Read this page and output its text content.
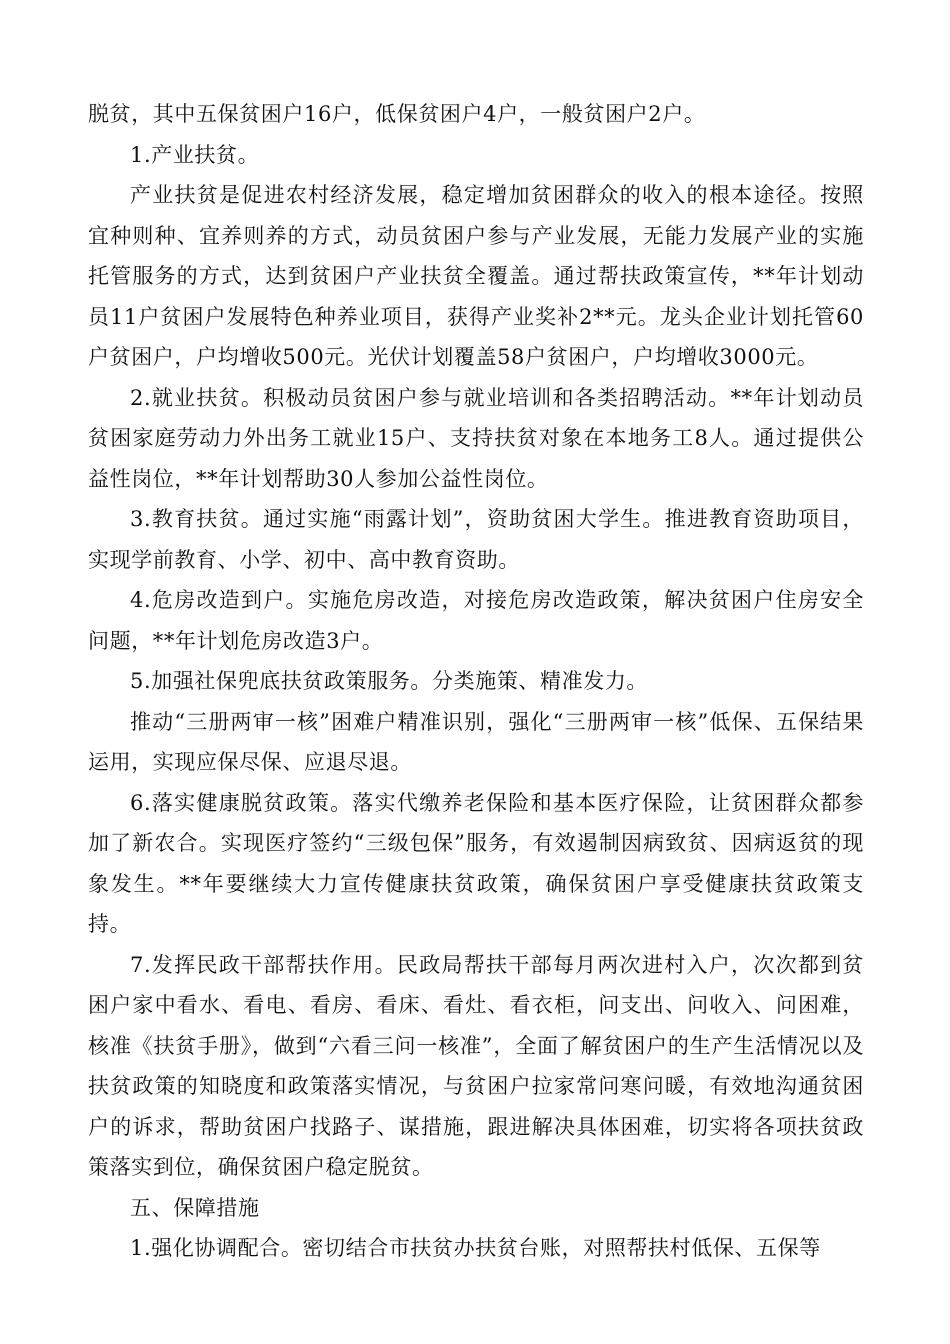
脱贫，其中五保贫困户16户，低保贫困户4户，一般贫困户2户。

1.产业扶贫。

产业扶贫是促进农村经济发展，稳定增加贫困群众的收入的根本途径。按照宜种则种、宜养则养的方式，动员贫困户参与产业发展，无能力发展产业的实施托管服务的方式，达到贫困户产业扶贫全覆盖。通过帮扶政策宣传，**年计划动员11户贫困户发展特色种养业项目，获得产业奖补2**元。龙头企业计划托管60户贫困户，户均增收500元。光伏计划覆盖58户贫困户，户均增收3000元。

2.就业扶贫。积极动员贫困户参与就业培训和各类招聘活动。**年计划动员贫困家庭劳动力外出务工就业15户、支持扶贫对象在本地务工8人。通过提供公益性岗位，**年计划帮助30人参加公益性岗位。

3.教育扶贫。通过实施“雨露计划”，资助贫困大学生。推进教育资助项目，实现学前教育、小学、初中、高中教育资助。

4.危房改造到户。实施危房改造，对接危房改造政策，解决贫困户住房安全问题，**年计划危房改造3户。

5.加强社保兜底扶贫政策服务。分类施策、精准发力。

推动“三册两审一核”困难户精准识别，强化“三册两审一核”低保、五保结果运用，实现应保尽保、应退尽退。

6.落实健康脱贫政策。落实代缴养老保险和基本医疗保险，让贫困群众都参加了新农合。实现医疗签约“三级包保”服务，有效遏制因病致贫、因病返贫的现象发生。**年要继续大力宣传健康扶贫政策，确保贫困户享受健康扶贫政策支持。

7.发挥民政干部帮扶作用。民政局帮扶干部每月两次进村入户，次次都到贫困户家中看水、看电、看房、看床、看灶、看衣柜，问支出、问收入、问困难，核准《扶贫手册》，做到“六看三问一核准”，全面了解贫困户的生产生活情况以及扶贫政策的知晓度和政策落实情况，与贫困户拉家常问寒问暖，有效地沟通贫困户的诉求，帮助贫困户找路子、谋措施，跟进解决具体困难，切实将各项扶贫政策落实到位，确保贫困户稳定脱贫。

五、保障措施

1.强化协调配合。密切结合市扶贫办扶贫台账，对照帮扶村低保、五保等
